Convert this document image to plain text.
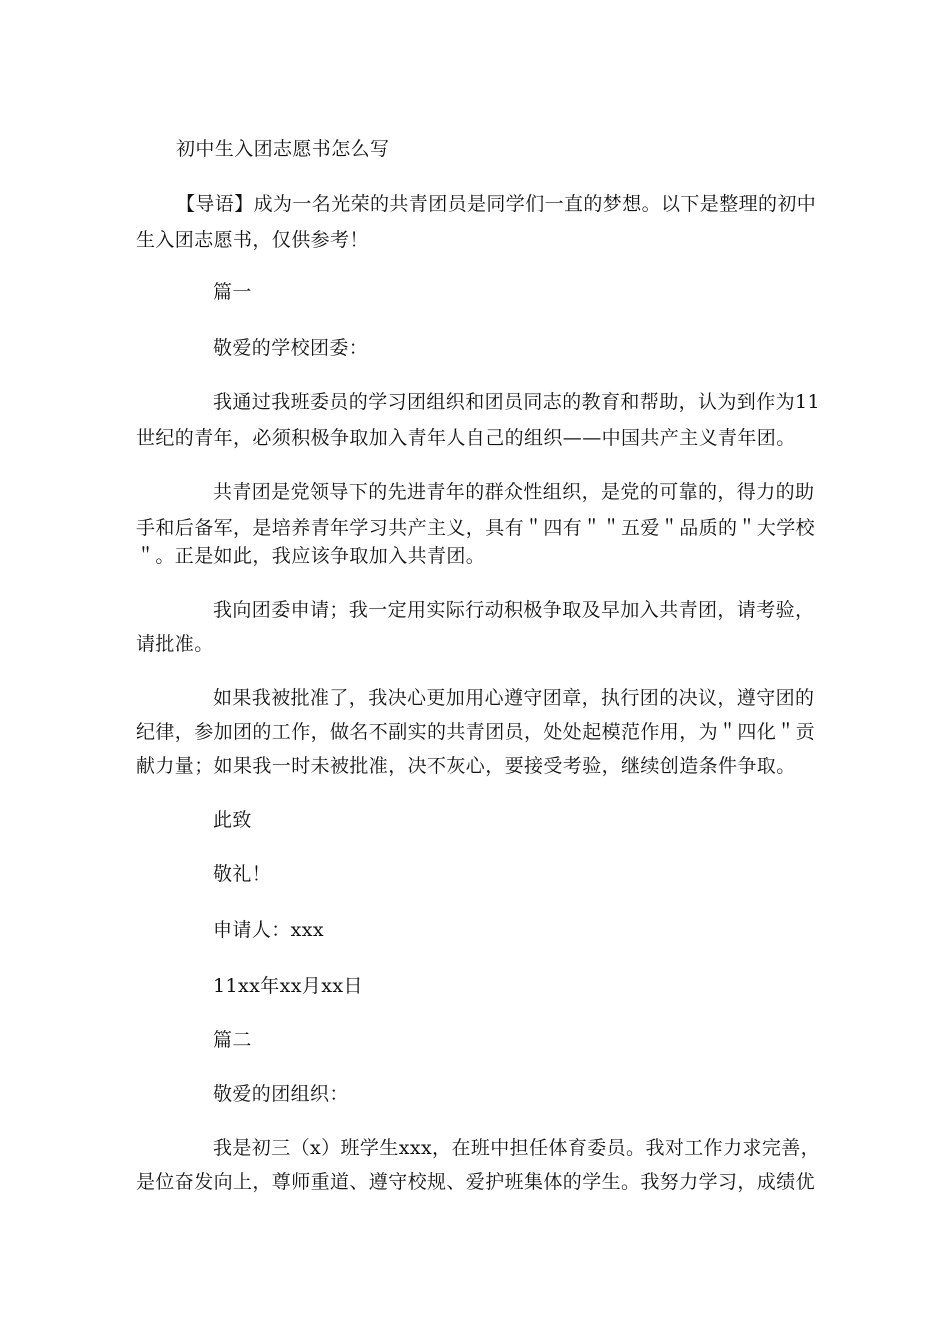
初中生入团志愿书怎么写
【导语】成为一名光荣的共青团员是同学们一直的梦想。以下是整理的初中
生入团志愿书，仅供参考！
篇一
敬爱的学校团委：
我通过我班委员的学习团组织和团员同志的教育和帮助，认为到作为11
世纪的青年，必须积极争取加入青年人自己的组织——中国共产主义青年团。
共青团是党领导下的先进青年的群众性组织，是党的可靠的，得力的助
手和后备军，是培养青年学习共产主义，具有＂四有＂＂五爱＂品质的＂大学校
＂。正是如此，我应该争取加入共青团。
我向团委申请；我一定用实际行动积极争取及早加入共青团，请考验，
请批准。
如果我被批准了，我决心更加用心遵守团章，执行团的决议，遵守团的
纪律，参加团的工作，做名不副实的共青团员，处处起模范作用，为＂四化＂贡
献力量；如果我一时未被批准，决不灰心，要接受考验，继续创造条件争取。
此致
敬礼！
申请人：xxx
11xx年xx月xx日
篇二
敬爱的团组织：
我是初三（x）班学生xxx，在班中担任体育委员。我对工作力求完善，
是位奋发向上，尊师重道、遵守校规、爱护班集体的学生。我努力学习，成绩优
